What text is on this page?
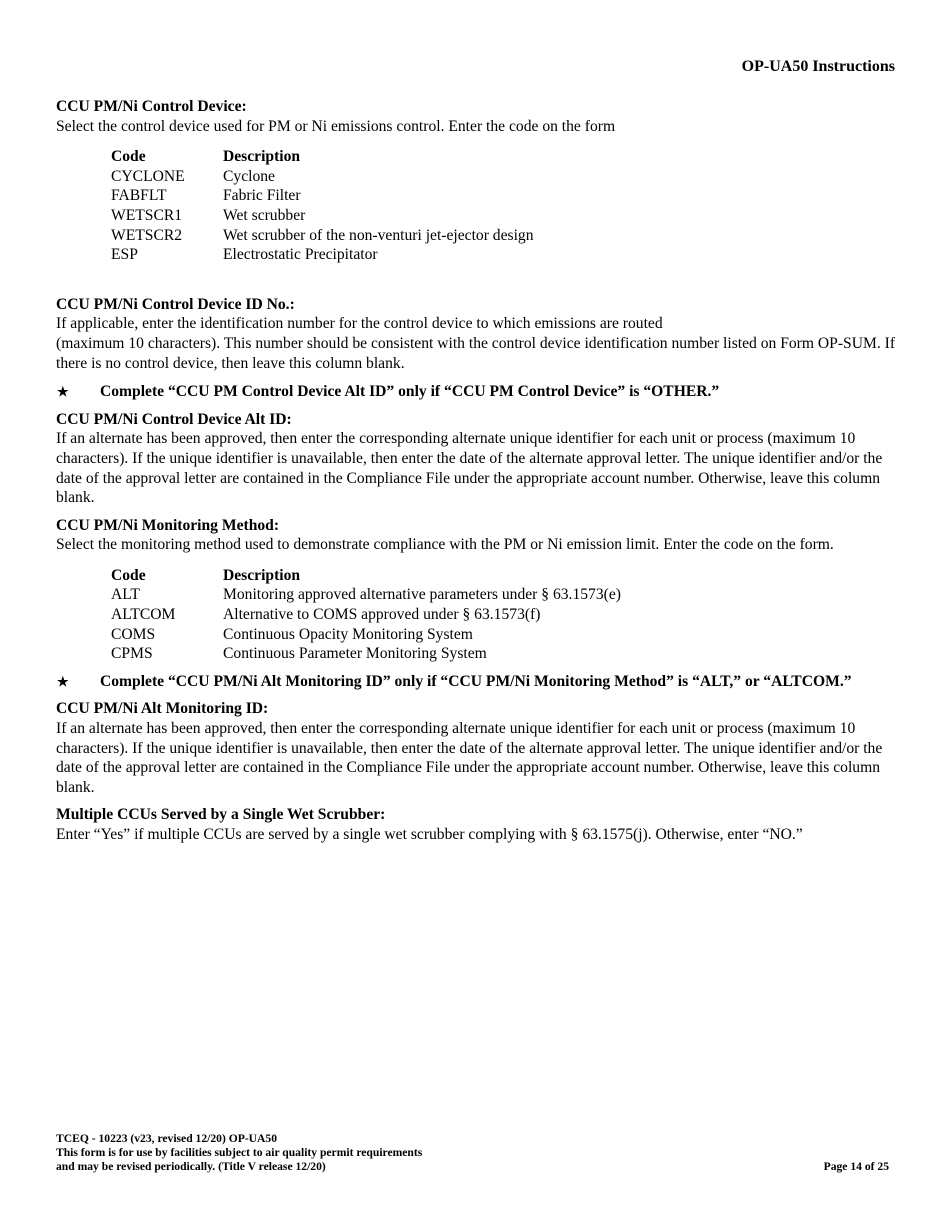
OP-UA50 Instructions

CCU PM/Ni Control Device:

Select the control device used for PM or Ni emissions control. Enter the code on the form

Code	Description
CYCLONE	Cyclone
FABFLT	Fabric Filter
WETSCR1	Wet scrubber
WETSCR2	Wet scrubber of the non-venturi jet-ejector design
ESP	Electrostatic Precipitator

CCU PM/Ni Control Device ID No.:

If applicable, enter the identification number for the control device to which emissions are routed

(maximum 10 characters). This number should be consistent with the control device identification number listed on Form OP-SUM. If there is no control device, then leave this column blank.

★	Complete “CCU PM Control Device Alt ID” only if “CCU PM Control Device” is “OTHER.”

CCU PM/Ni Control Device Alt ID:

If an alternate has been approved, then enter the corresponding alternate unique identifier for each unit or process (maximum 10 characters). If the unique identifier is unavailable, then enter the date of the alternate approval letter. The unique identifier and/or the date of the approval letter are contained in the Compliance File under the appropriate account number. Otherwise, leave this column blank.

CCU PM/Ni Monitoring Method:

Select the monitoring method used to demonstrate compliance with the PM or Ni emission limit. Enter the code on the form.

Code	Description
ALT	Monitoring approved alternative parameters under § 63.1573(e)
ALTCOM	Alternative to COMS approved under § 63.1573(f)
COMS	Continuous Opacity Monitoring System
CPMS	Continuous Parameter Monitoring System
★	Complete “CCU PM/Ni Alt Monitoring ID” only if “CCU PM/Ni Monitoring Method” is “ALT,” or “ALTCOM.”

CCU PM/Ni Alt Monitoring ID:

If an alternate has been approved, then enter the corresponding alternate unique identifier for each unit or process (maximum 10 characters). If the unique identifier is unavailable, then enter the date of the alternate approval letter. The unique identifier and/or the date of the approval letter are contained in the Compliance File under the appropriate account number. Otherwise, leave this column blank.

Multiple CCUs Served by a Single Wet Scrubber:

Enter “Yes” if multiple CCUs are served by a single wet scrubber complying with § 63.1575(j). Otherwise, enter “NO.”

TCEQ - 10223 (v23, revised 12/20) OP-UA50
This form is for use by facilities subject to air quality permit requirements
and may be revised periodically. (Title V release 12/20)	Page 14 of 25
